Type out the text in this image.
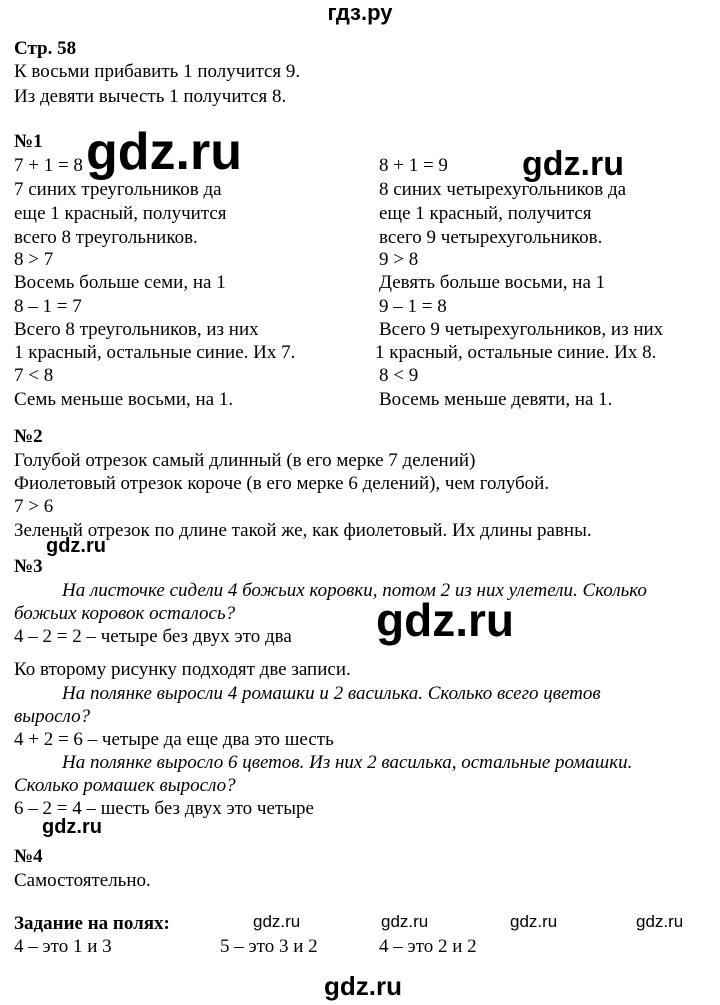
гдз.ру
Стр. 58
К восьми прибавить 1 получится 9.
Из девяти вычесть 1 получится 8.
№1
7 + 1 = 8
7 синих треугольников да
еще 1 красный, получится
всего 8 треугольников.
8 > 7
Восемь больше семи, на 1
8 – 1 = 7
Всего 8 треугольников, из них
1 красный, остальные синие. Их 7.
7 < 8
Семь меньше восьми, на 1.
8 + 1 = 9
8 синих четырехугольников да
еще 1 красный, получится
всего 9 четырехугольников.
9 > 8
Девять больше восьми, на 1
9 – 1 = 8
Всего 9 четырехугольников, из них
1 красный, остальные синие. Их 8.
8 < 9
Восемь меньше девяти, на 1.
№2
Голубой отрезок самый длинный (в его мерке 7 делений)
Фиолетовый отрезок короче (в его мерке 6 делений), чем голубой.
7 > 6
Зеленый отрезок по длине такой же, как фиолетовый. Их длины равны.
№3
На листочке сидели 4 божьих коровки, потом 2 из них улетели. Сколько
божьих коровок осталось?
4 – 2 = 2 – четыре без двух это два
Ко второму рисунку подходят две записи.
На полянке выросли 4 ромашки и 2 василька. Сколько всего цветов
выросло?
4 + 2 = 6 – четыре да еще два это шесть
На полянке выросло 6 цветов. Из них 2 василька, остальные ромашки.
Сколько ромашек выросло?
6 – 2 = 4 – шесть без двух это четыре
№4
Самостоятельно.
Задание на полях:
4 – это 1 и 3	5 – это 3 и 2	4 – это 2 и 2
gdz.ru	gdz.ru
gdz.ru
gdz.ru
gdz.ru
gdz.ru	gdz.ru	gdz.ru	gdz.ru
gdz.ru
